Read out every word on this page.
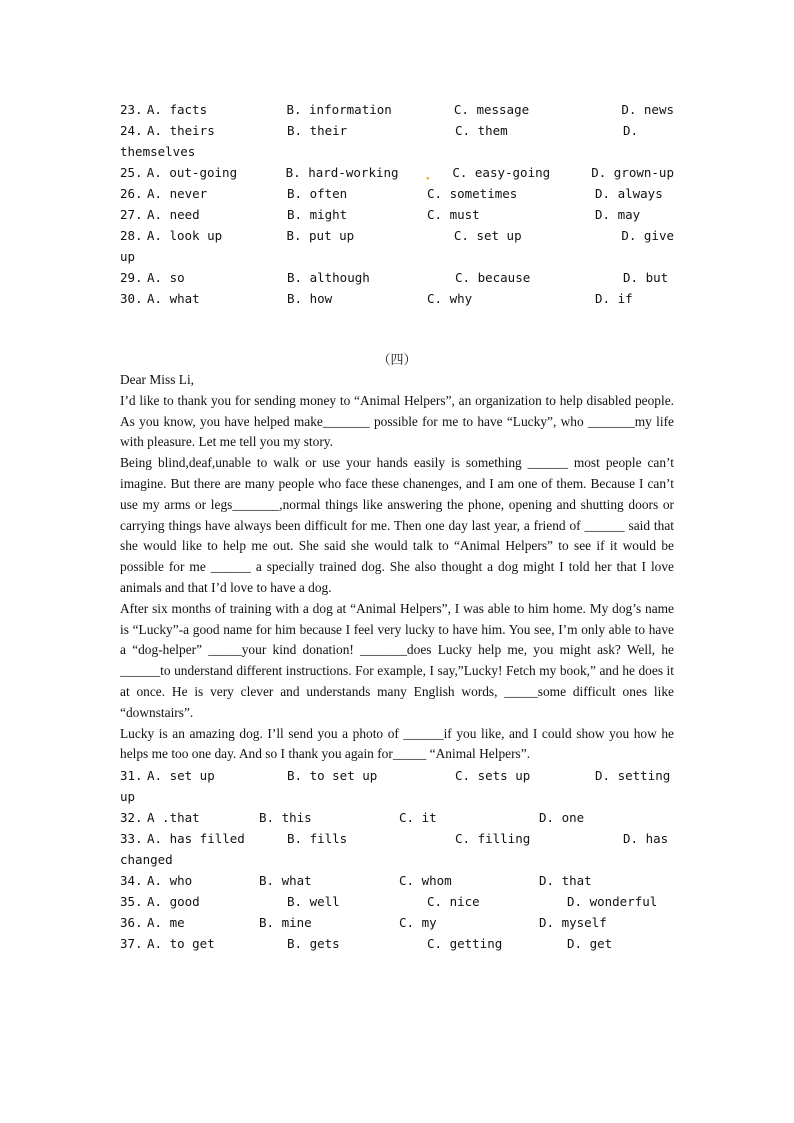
23. A. facts	B. information	C. message	D. news
24. A. theirs	B. their	C. them	D.
themselves
25. A. out-going	B. hard-working	C. easy-going	D. grown-up
26. A. never	B. often	C. sometimes	D. always
27. A. need	B. might	C. must	D. may
28. A. look up	B. put up	C. set up	D. give
up
29. A. so	B. although	C. because	D. but
30. A. what	B. how	C. why	D. if
（四）

Dear Miss Li,

I’d like to thank you for sending money to “Animal Helpers”, an organization to help disabled people. As you know, you have helped make_______ possible for me to have “Lucky”, who _______my life with pleasure. Let me tell you my story.

Being blind,deaf,unable to walk or use your hands easily is something ______ most people can’t imagine. But there are many people who face these chanenges, and I am one of them. Because I can’t use my arms or legs_______,normal things like answering the phone, opening and shutting doors or carrying things have always been difficult for me. Then one day last year, a friend of ______ said that she would like to help me out. She said she would talk to “Animal Helpers” to see if it would be possible for me ______ a specially trained dog. She also thought a dog might I told her that I love animals and that I’d love to have a dog.

After six months of training with a dog at “Animal Helpers”, I was able to him home. My dog’s name is “Lucky”-a good name for him because I feel very lucky to have him. You see, I’m only able to have a “dog-helper” _____your kind donation! _______does Lucky help me, you might ask? Well, he ______to understand different instructions. For example, I say,”Lucky! Fetch my book,” and he does it at once. He is very clever and understands many English words, _____some difficult ones like “downstairs”.

Lucky is an amazing dog. I’ll send you a photo of ______if you like, and I could show you how he helps me too one day. And so I thank you again for_____ “Animal Helpers”.

31. A. set up	B. to set up	C. sets up	D. setting
up
32. A .that	B. this	C. it	D. one
33. A. has filled	B. fills	C. filling	D. has
changed
34. A. who	B. what	C. whom	D. that
35. A. good	B. well	C. nice	D. wonderful
36. A. me	B. mine	C. my	D. myself
37. A. to get	B. gets	C. getting	D. get
•
